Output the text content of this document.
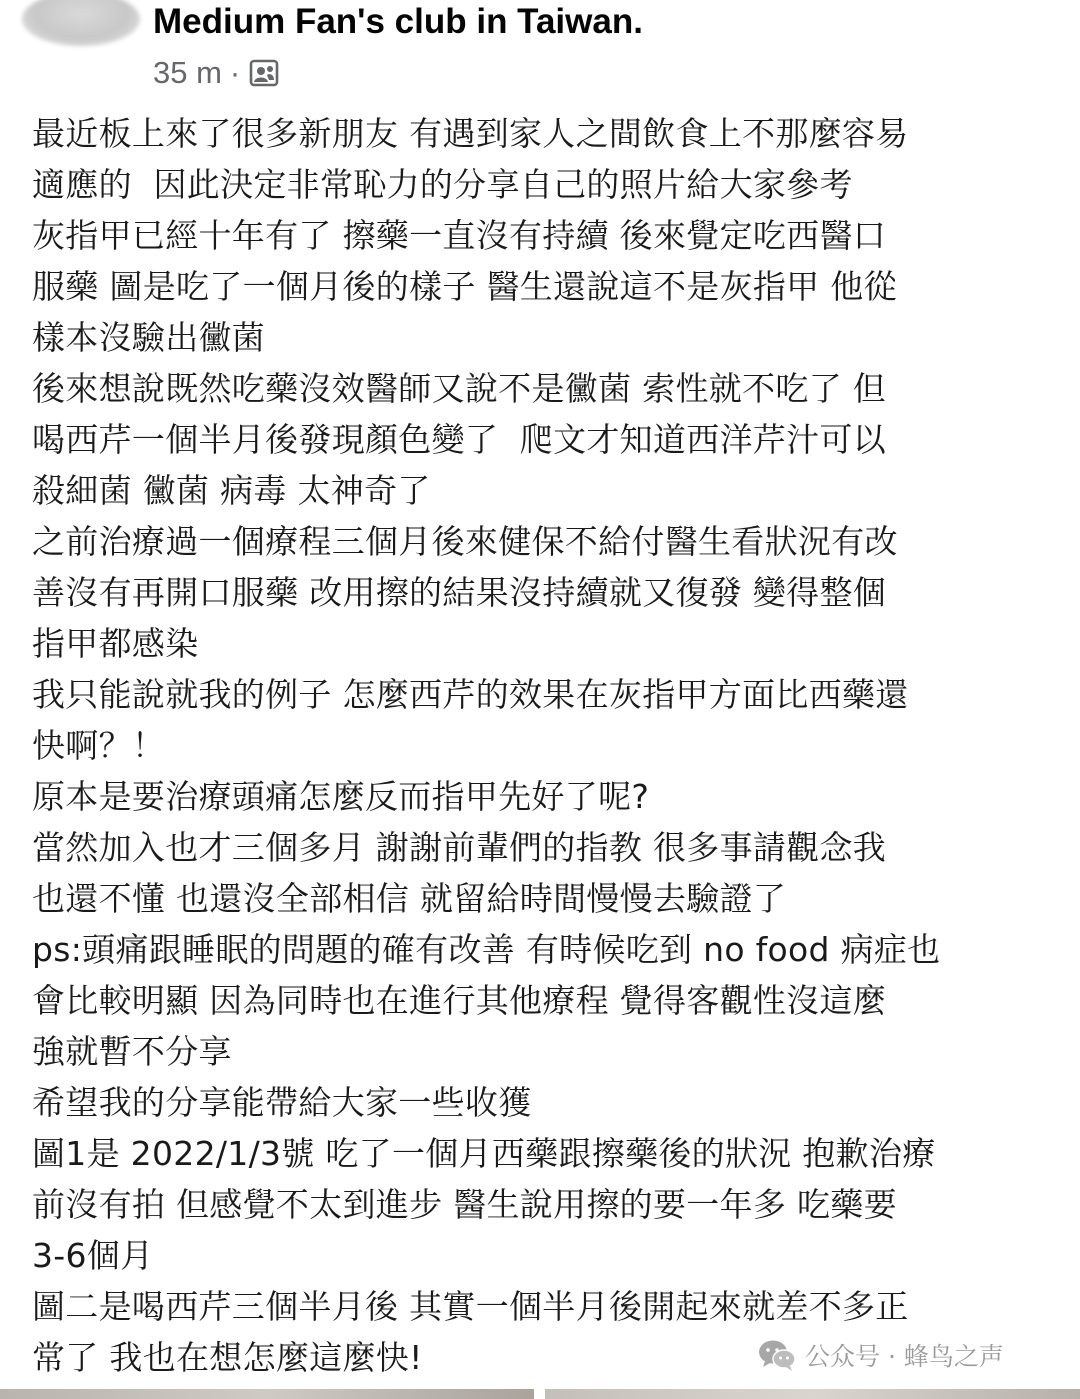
Medium Fan's club in Taiwan.
35 m ·
最近板上來了很多新朋友 有遇到家人之間飲食上不那麼容易
適應的  因此決定非常恥力的分享自己的照片給大家參考
灰指甲已經十年有了 擦藥一直沒有持續 後來覺定吃西醫口
服藥 圖是吃了一個月後的樣子 醫生還說這不是灰指甲 他從
樣本沒驗出黴菌
後來想說既然吃藥沒效醫師又說不是黴菌 索性就不吃了 但
喝西芹一個半月後發現顏色變了  爬文才知道西洋芹汁可以
殺細菌 黴菌 病毒 太神奇了
之前治療過一個療程三個月後來健保不給付醫生看狀況有改
善沒有再開口服藥 改用擦的結果沒持續就又復發 變得整個
指甲都感染
我只能說就我的例子 怎麼西芹的效果在灰指甲方面比西藥還
快啊？！
原本是要治療頭痛怎麼反而指甲先好了呢?
當然加入也才三個多月 謝謝前輩們的指教 很多事請觀念我
也還不懂 也還沒全部相信 就留給時間慢慢去驗證了
ps:頭痛跟睡眠的問題的確有改善 有時候吃到 no food 病症也
會比較明顯 因為同時也在進行其他療程 覺得客觀性沒這麼
強就暫不分享
希望我的分享能帶給大家一些收獲
圖1是 2022/1/3號 吃了一個月西藥跟擦藥後的狀況 抱歉治療
前沒有拍 但感覺不太到進步 醫生說用擦的要一年多 吃藥要
3-6個月
圖二是喝西芹三個半月後 其實一個半月後開起來就差不多正
常了 我也在想怎麼這麼快!	公众号 · 蜂鸟之声
